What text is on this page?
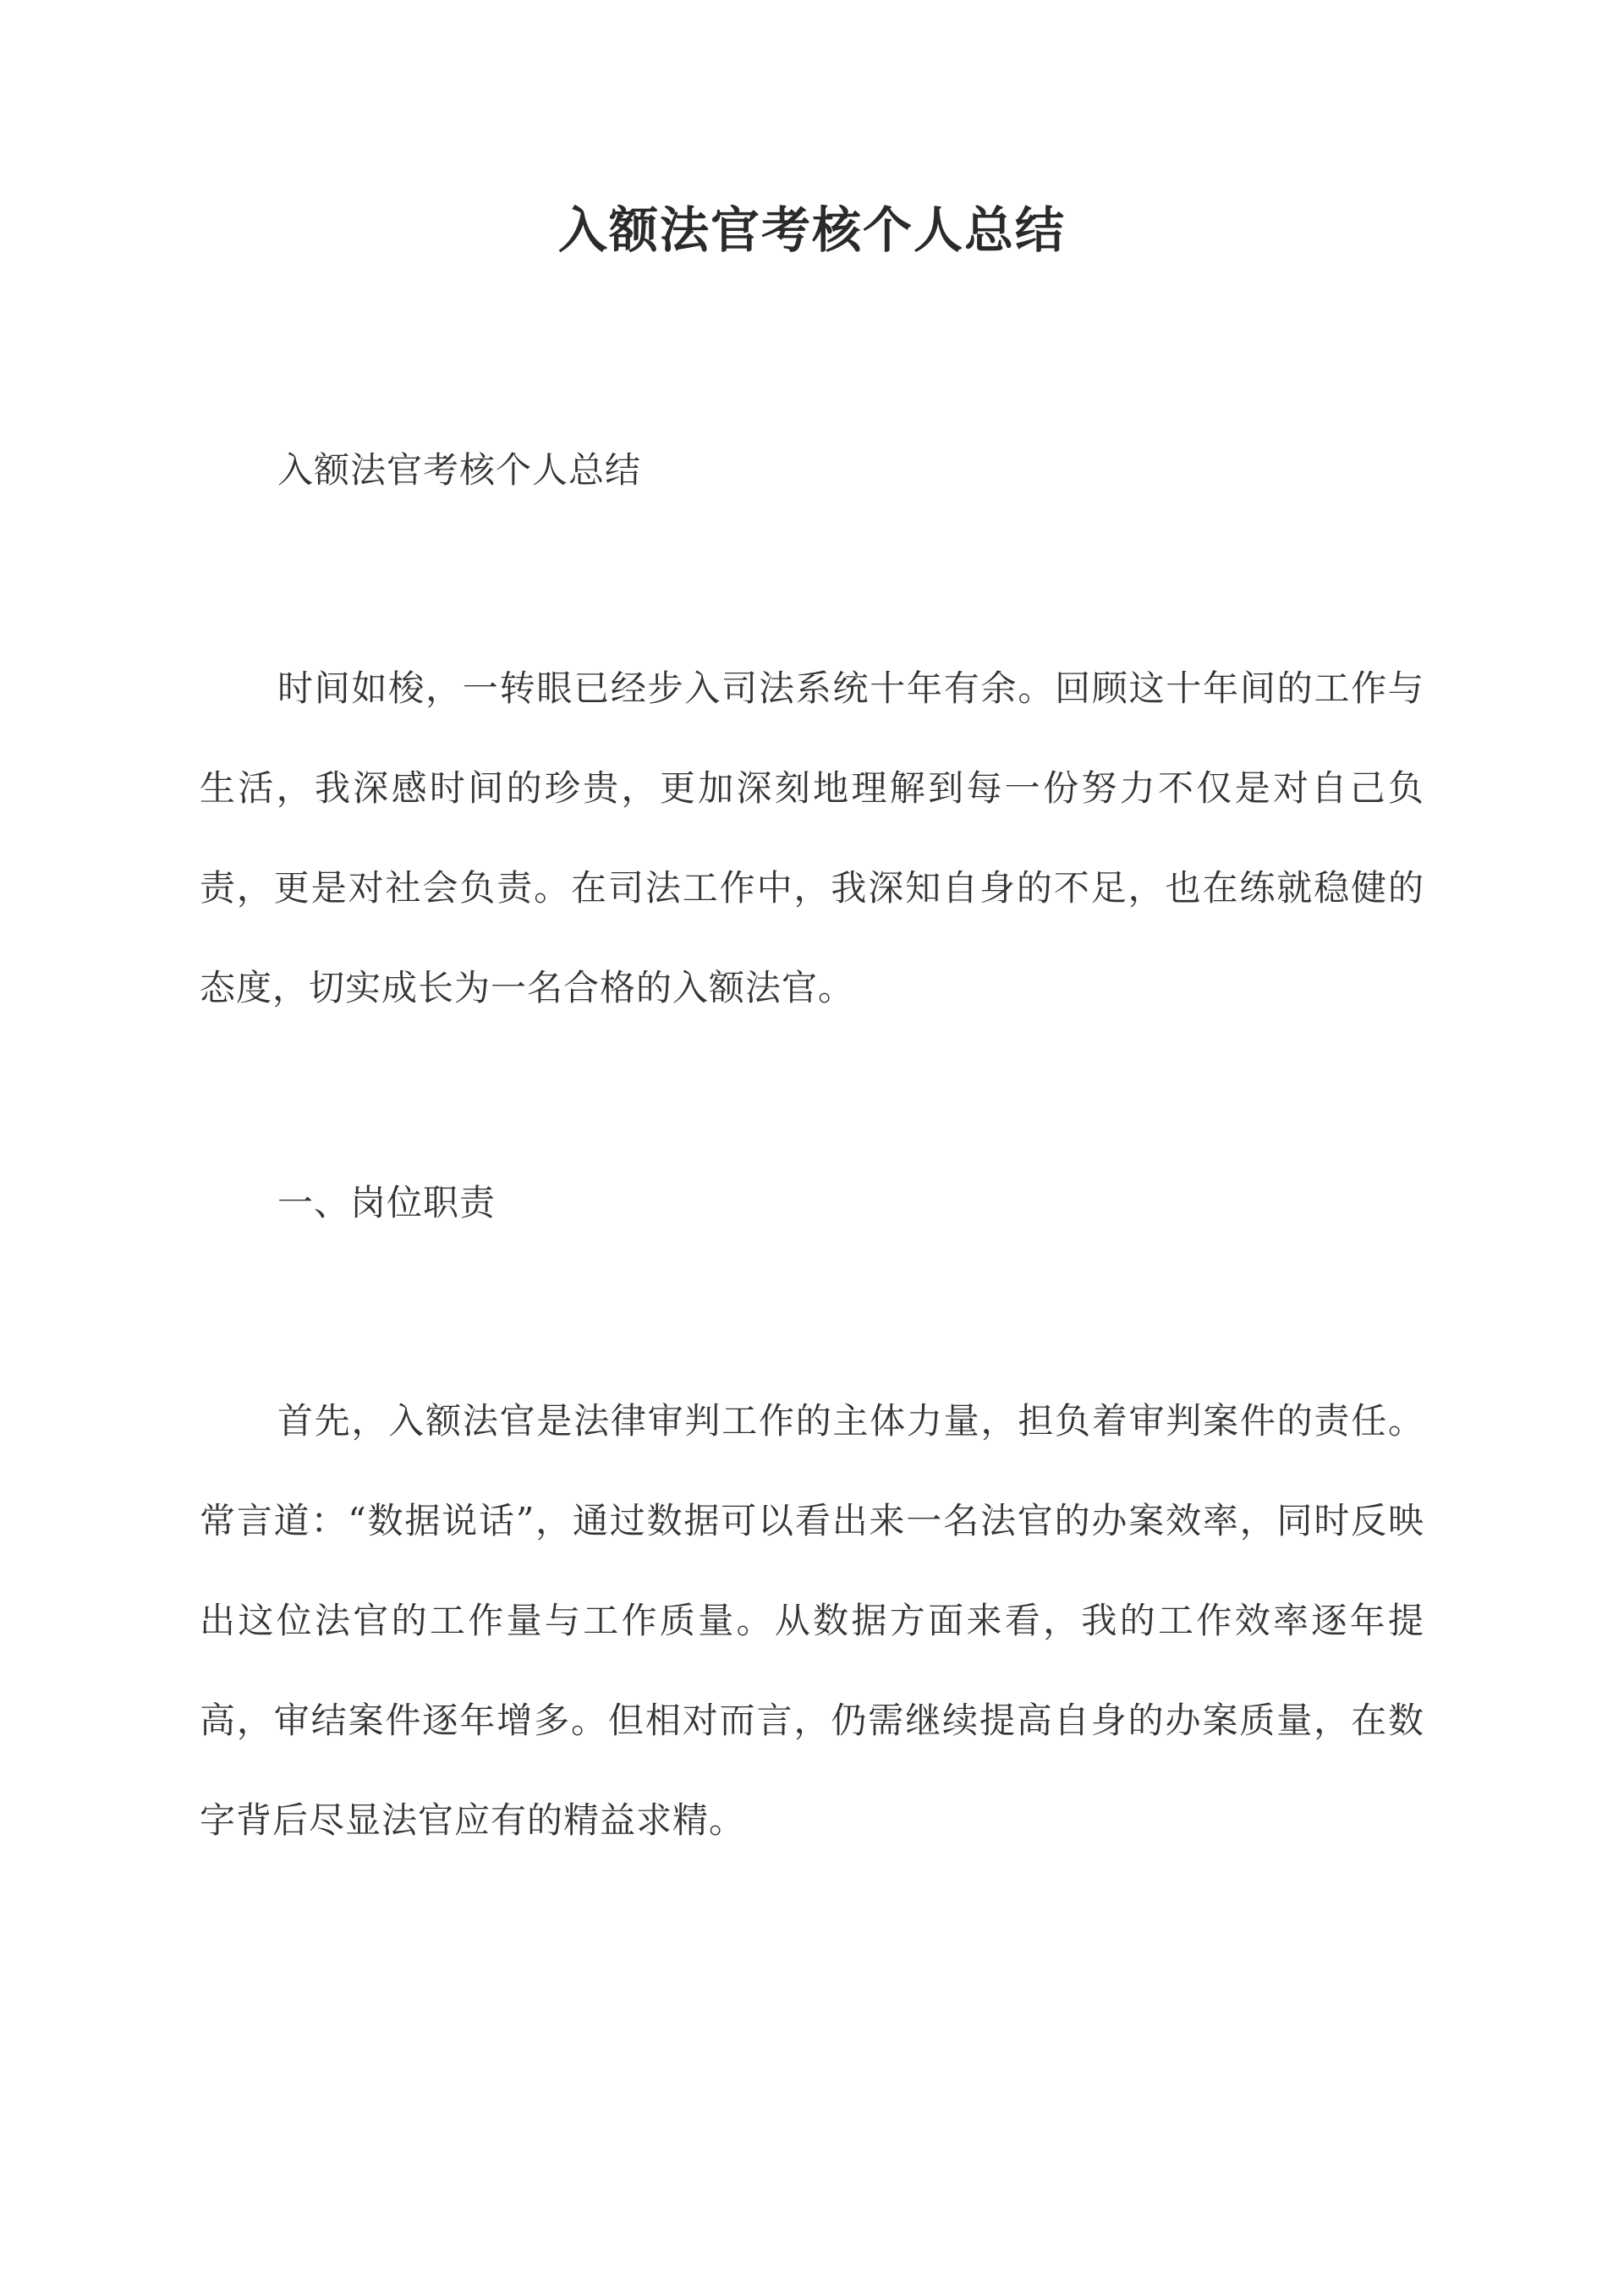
入额法官考核个人总结
入额法官考核个人总结
时间如梭，一转眼已经步入司法系统十年有余。回顾这十年间的工作与生活，我深感时间的珍贵，更加深刻地理解到每一份努力不仅是对自己负责，更是对社会负责。在司法工作中，我深知自身的不足，也在练就稳健的态度，切实成长为一名合格的入额法官。
一、岗位职责
首先，入额法官是法律审判工作的主体力量，担负着审判案件的责任。常言道：“数据说话”，通过数据可以看出来一名法官的办案效率，同时反映出这位法官的工作量与工作质量。从数据方面来看，我的工作效率逐年提高，审结案件逐年增多。但相对而言，仍需继续提高自身的办案质量，在数字背后尽显法官应有的精益求精。
